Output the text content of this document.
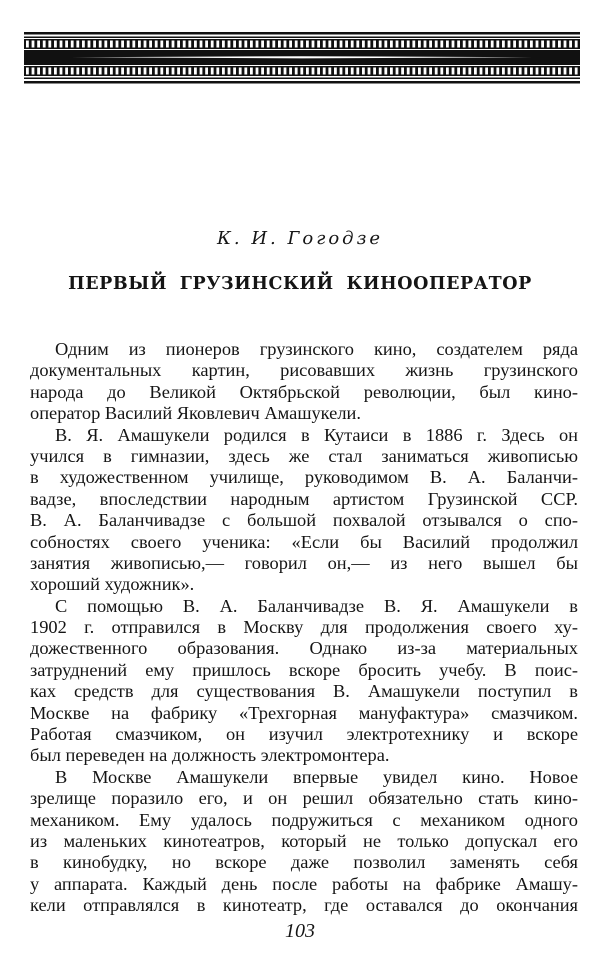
К. И. Гогодзе
ПЕРВЫЙ ГРУЗИНСКИЙ КИНООПЕРАТОР
Одним из пионеров грузинского кино, создателем ряда
документальных картин, рисовавших жизнь грузинского
народа до Великой Октябрьской революции, был кино-
оператор Василий Яковлевич Амашукели.
В. Я. Амашукели родился в Кутаиси в 1886 г. Здесь он
учился в гимназии, здесь же стал заниматься живописью
в художественном училище, руководимом В. А. Баланчи-
вадзе, впоследствии народным артистом Грузинской ССР.
В. А. Баланчивадзе с большой похвалой отзывался о спо-
собностях своего ученика: «Если бы Василий продолжил
занятия живописью,— говорил он,— из него вышел бы
хороший художник».
С помощью В. А. Баланчивадзе В. Я. Амашукели в
1902 г. отправился в Москву для продолжения своего ху-
дожественного образования. Однако из-за материальных
затруднений ему пришлось вскоре бросить учебу. В поис-
ках средств для существования В. Амашукели поступил в
Москве на фабрику «Трехгорная мануфактура» смазчиком.
Работая смазчиком, он изучил электротехнику и вскоре
был переведен на должность электромонтера.
В Москве Амашукели впервые увидел кино. Новое
зрелище поразило его, и он решил обязательно стать кино-
механиком. Ему удалось подружиться с механиком одного
из маленьких кинотеатров, который не только допускал его
в кинобудку, но вскоре даже позволил заменять себя
у аппарата. Каждый день после работы на фабрике Амашу-
кели отправлялся в кинотеатр, где оставался до окончания
103
